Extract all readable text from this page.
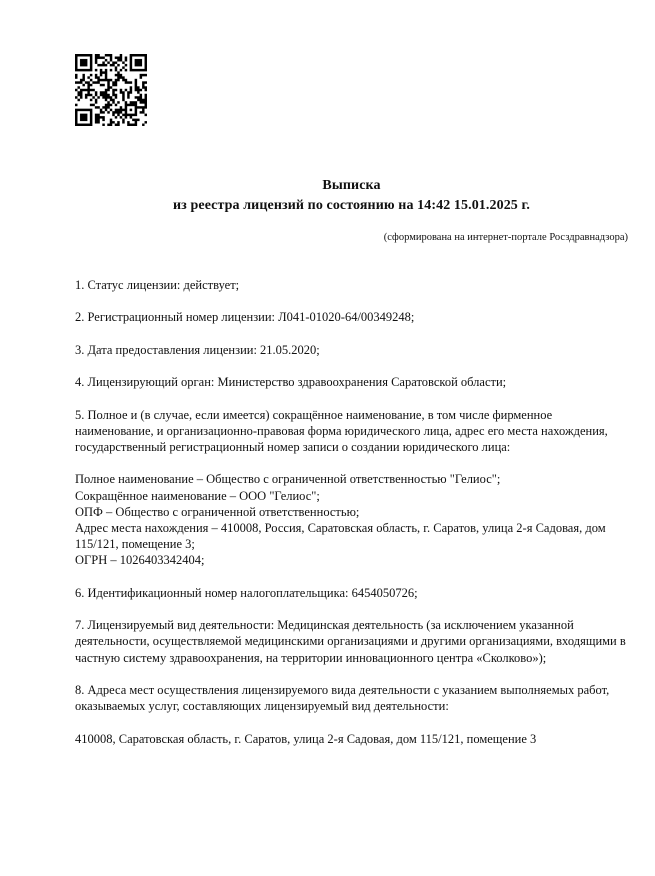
Выписка
из реестра лицензий по состоянию на 14:42 15.01.2025 г.
(сформирована на интернет-портале Росздравнадзора)

1. Статус лицензии: действует;

2. Регистрационный номер лицензии: Л041-01020-64/00349248;

3. Дата предоставления лицензии: 21.05.2020;

4. Лицензирующий орган: Министерство здравоохранения Саратовской области;

5. Полное и (в случае, если имеется) сокращённое наименование, в том числе фирменное наименование, и организационно-правовая форма юридического лица, адрес его места нахождения, государственный регистрационный номер записи о создании юридического лица:

Полное наименование – Общество с ограниченной ответственностью "Гелиос";
Сокращённое наименование – ООО "Гелиос";
ОПФ – Общество с ограниченной ответственностью;
Адрес места нахождения – 410008, Россия, Саратовская область, г. Саратов, улица 2-я Садовая, дом 115/121, помещение 3;
ОГРН – 1026403342404;

6. Идентификационный номер налогоплательщика: 6454050726;

7. Лицензируемый вид деятельности: Медицинская деятельность (за исключением указанной деятельности, осуществляемой медицинскими организациями и другими организациями, входящими в частную систему здравоохранения, на территории инновационного центра «Сколково»);

8. Адреса мест осуществления лицензируемого вида деятельности с указанием выполняемых работ, оказываемых услуг, составляющих лицензируемый вид деятельности:

410008, Саратовская область, г. Саратов, улица 2-я Садовая, дом 115/121, помещение 3
